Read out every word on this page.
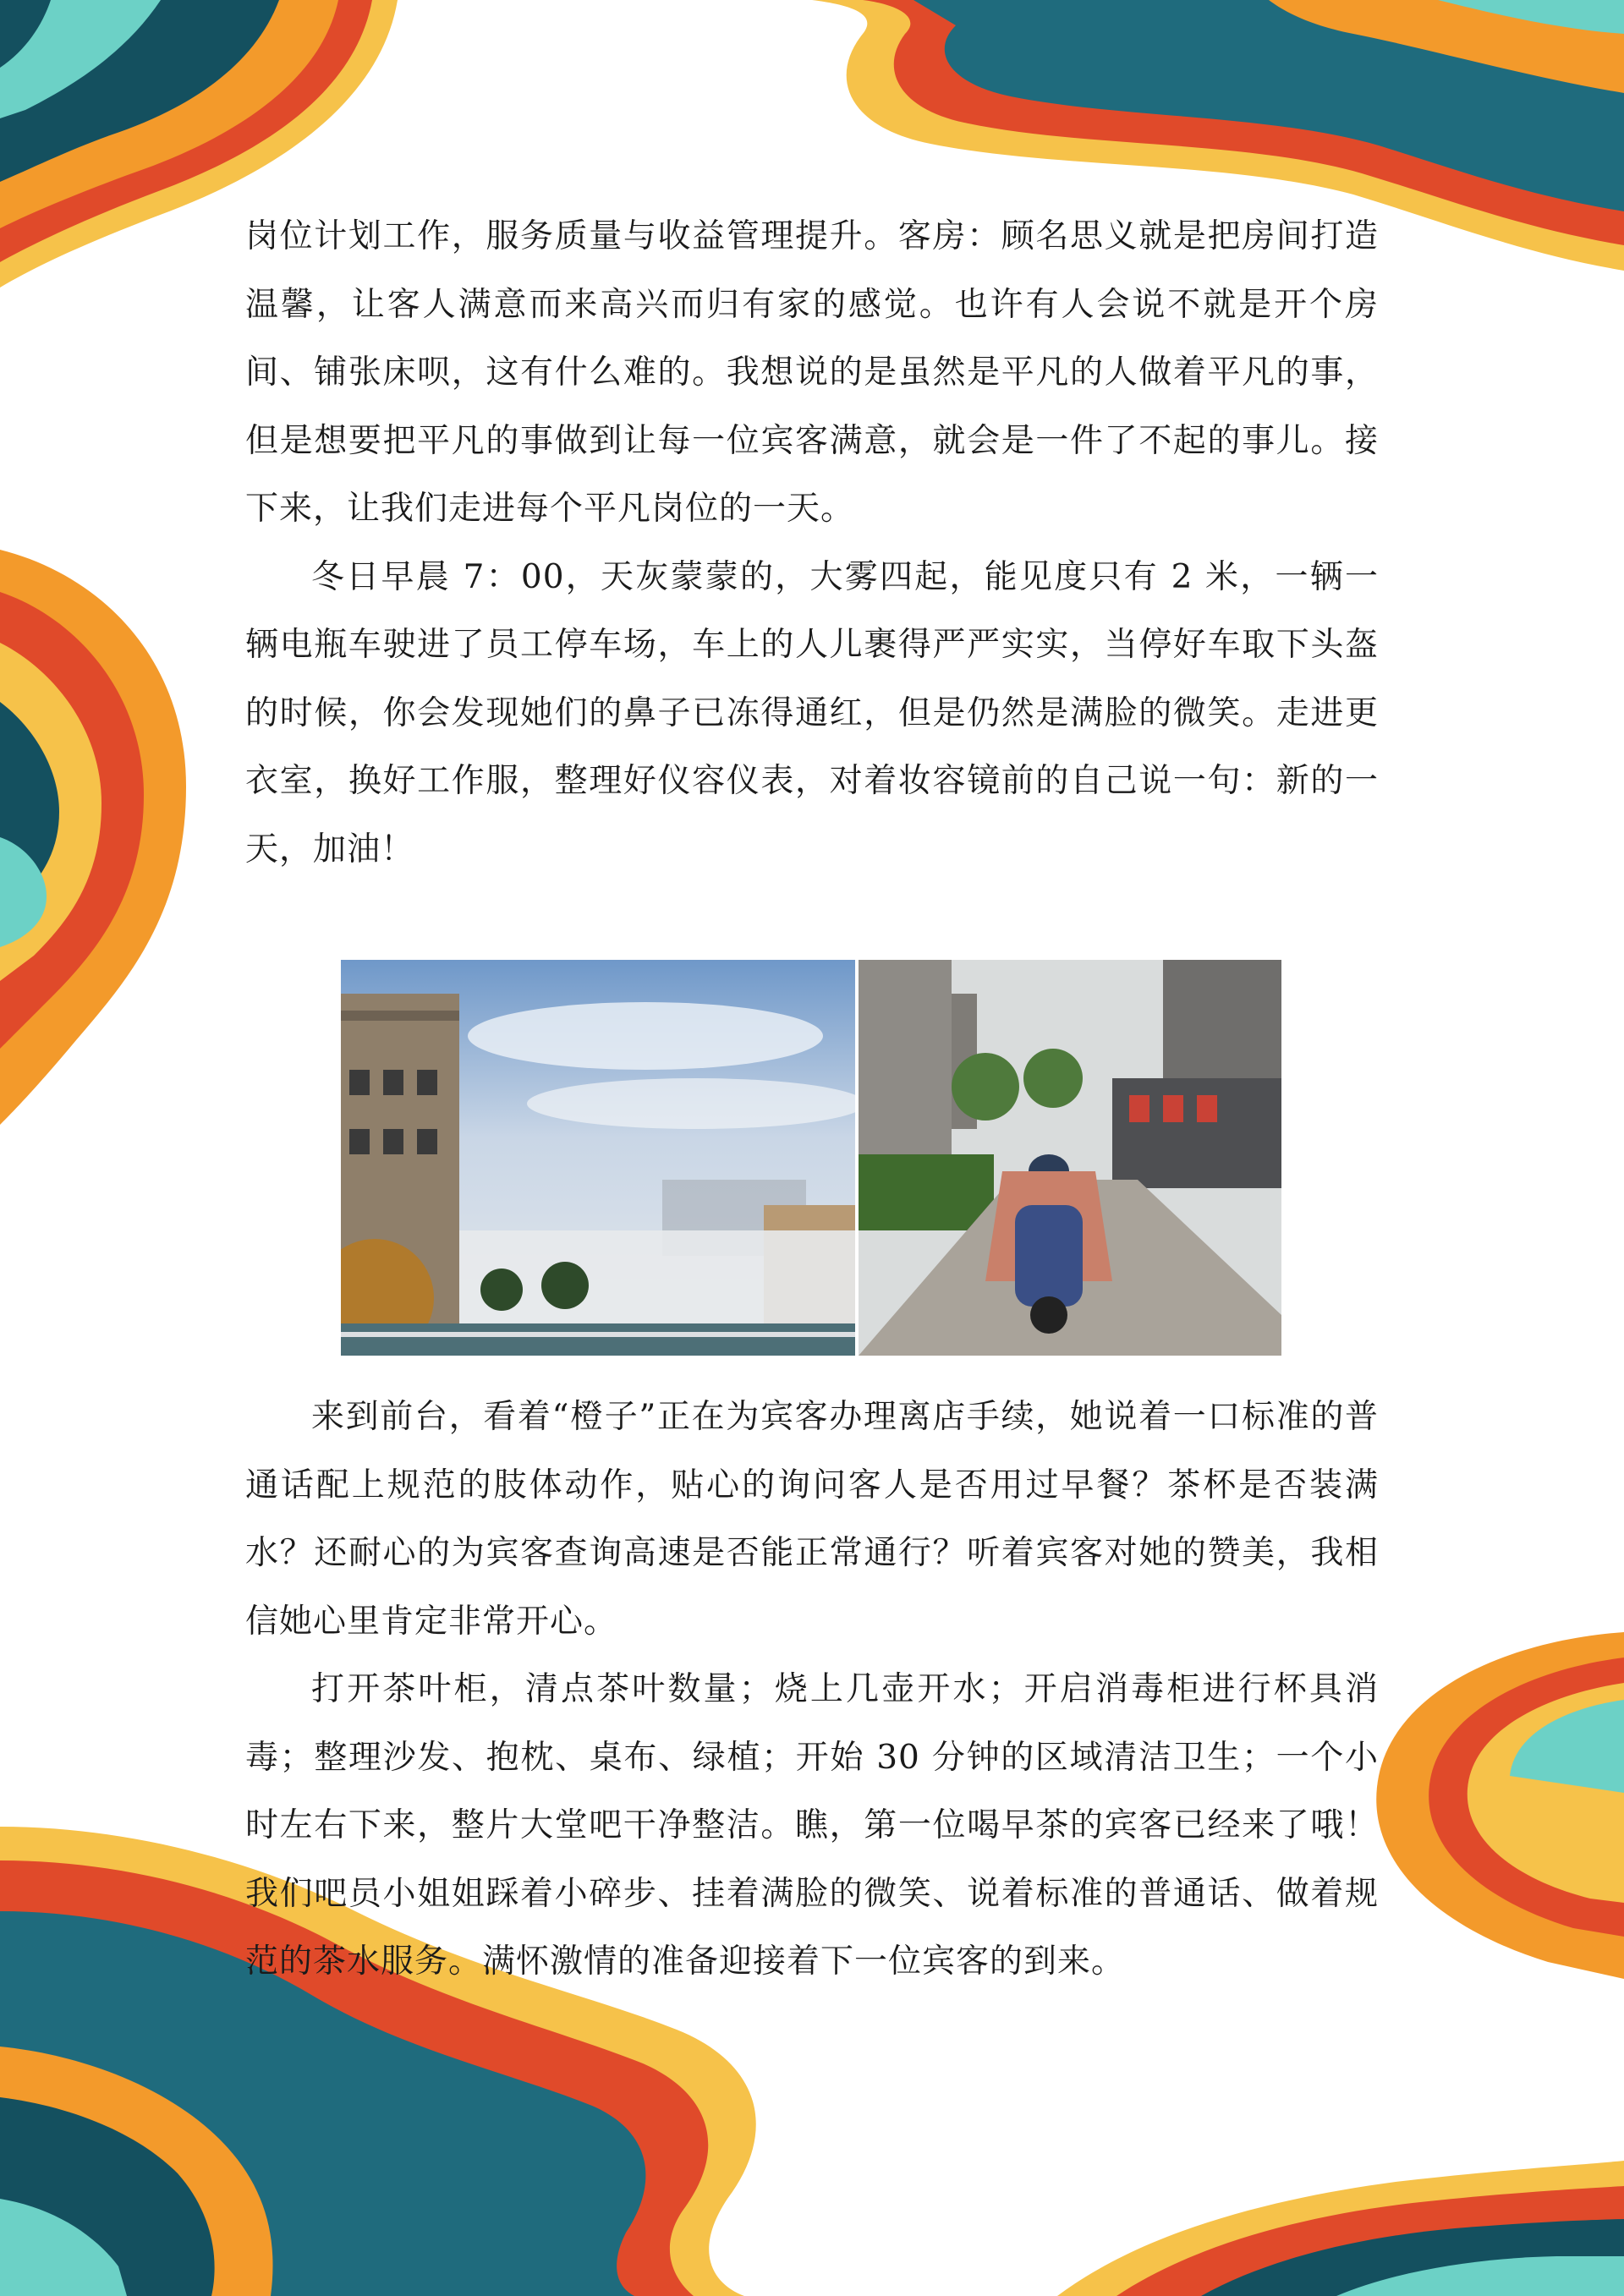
岗位计划工作，服务质量与收益管理提升。客房：顾名思义就是把房间打造温馨，让客人满意而来高兴而归有家的感觉。也许有人会说不就是开个房间、铺张床呗，这有什么难的。我想说的是虽然是平凡的人做着平凡的事，但是想要把平凡的事做到让每一位宾客满意，就会是一件了不起的事儿。接下来，让我们走进每个平凡岗位的一天。

冬日早晨 7：00，天灰蒙蒙的，大雾四起，能见度只有 2 米，一辆一辆电瓶车驶进了员工停车场，车上的人儿裹得严严实实，当停好车取下头盔的时候，你会发现她们的鼻子已冻得通红，但是仍然是满脸的微笑。走进更衣室，换好工作服，整理好仪容仪表，对着妆容镜前的自己说一句：新的一天，加油！

来到前台，看着“橙子”正在为宾客办理离店手续，她说着一口标准的普通话配上规范的肢体动作，贴心的询问客人是否用过早餐？茶杯是否装满水？还耐心的为宾客查询高速是否能正常通行？听着宾客对她的赞美，我相信她心里肯定非常开心。

打开茶叶柜，清点茶叶数量；烧上几壶开水；开启消毒柜进行杯具消毒；整理沙发、抱枕、桌布、绿植；开始 30 分钟的区域清洁卫生；一个小时左右下来，整片大堂吧干净整洁。瞧，第一位喝早茶的宾客已经来了哦！我们吧员小姐姐踩着小碎步、挂着满脸的微笑、说着标准的普通话、做着规范的茶水服务。满怀激情的准备迎接着下一位宾客的到来。
